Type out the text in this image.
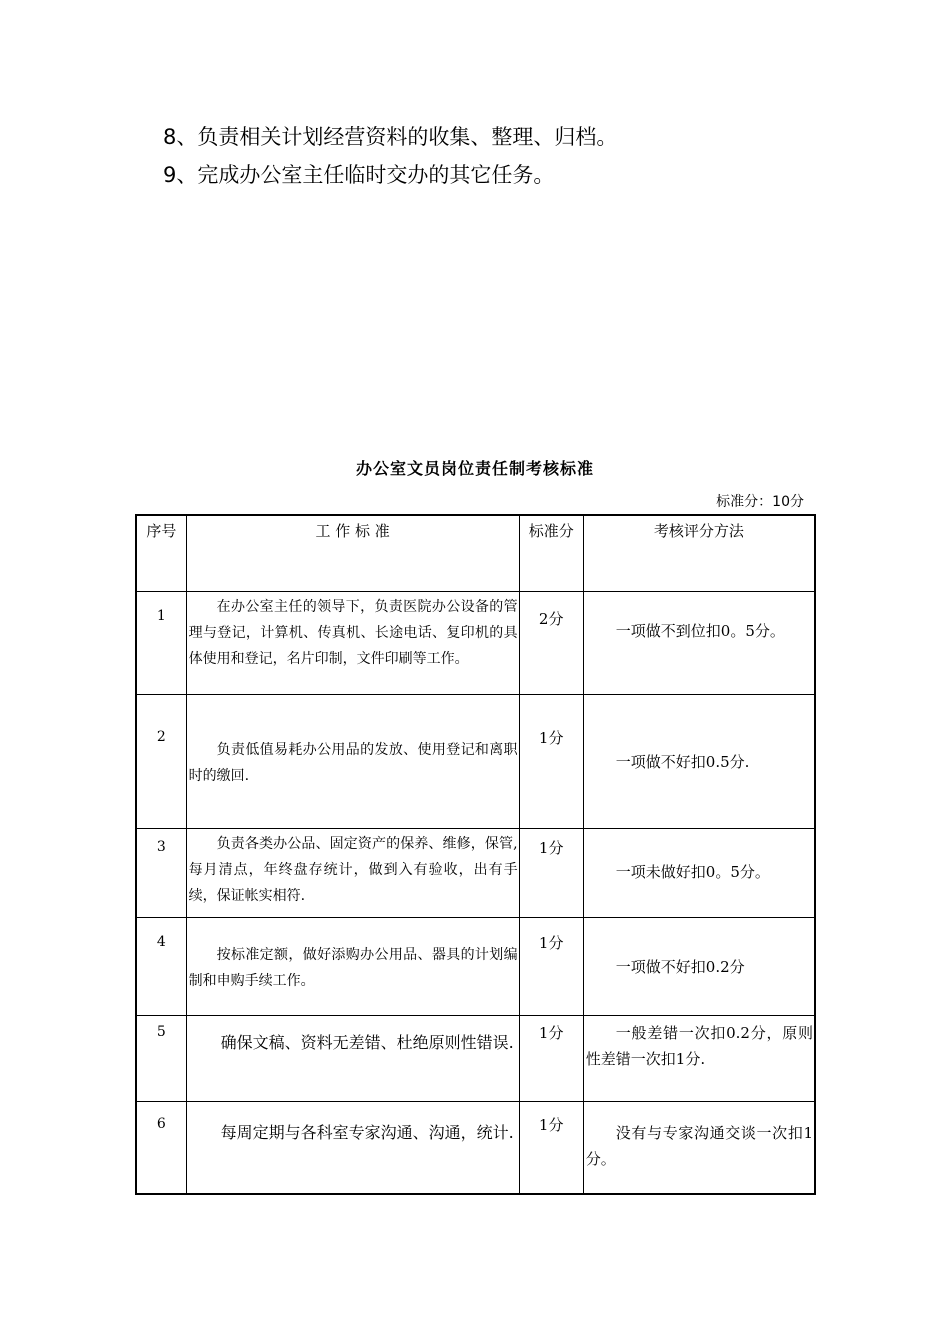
8、负责相关计划经营资料的收集、整理、归档。
9、完成办公室主任临时交办的其它任务。
办公室文员岗位责任制考核标准
标准分：10分
序号	工 作 标 准	标准分	考核评分方法
1	在办公室主任的领导下，负责医院办公设备的管理与登记，计算机、传真机、长途电话、复印机的具体使用和登记，名片印制，文件印刷等工作。	2分	一项做不到位扣0。5分。
2	负责低值易耗办公用品的发放、使用登记和离职时的缴回.	1分	一项做不好扣0.5分.
3	负责各类办公品、固定资产的保养、维修，保管,每月清点，年终盘存统计，做到入有验收，出有手续，保证帐实相符.	1分	一项未做好扣0。5分。
4	按标准定额，做好添购办公用品、器具的计划编制和申购手续工作。	1分	一项做不好扣0.2分
5	确保文稿、资料无差错、杜绝原则性错误.	1分	一般差错一次扣0.2分，原则性差错一次扣1分.
6	每周定期与各科室专家沟通、沟通，统计.	1分	没有与专家沟通交谈一次扣1分。
